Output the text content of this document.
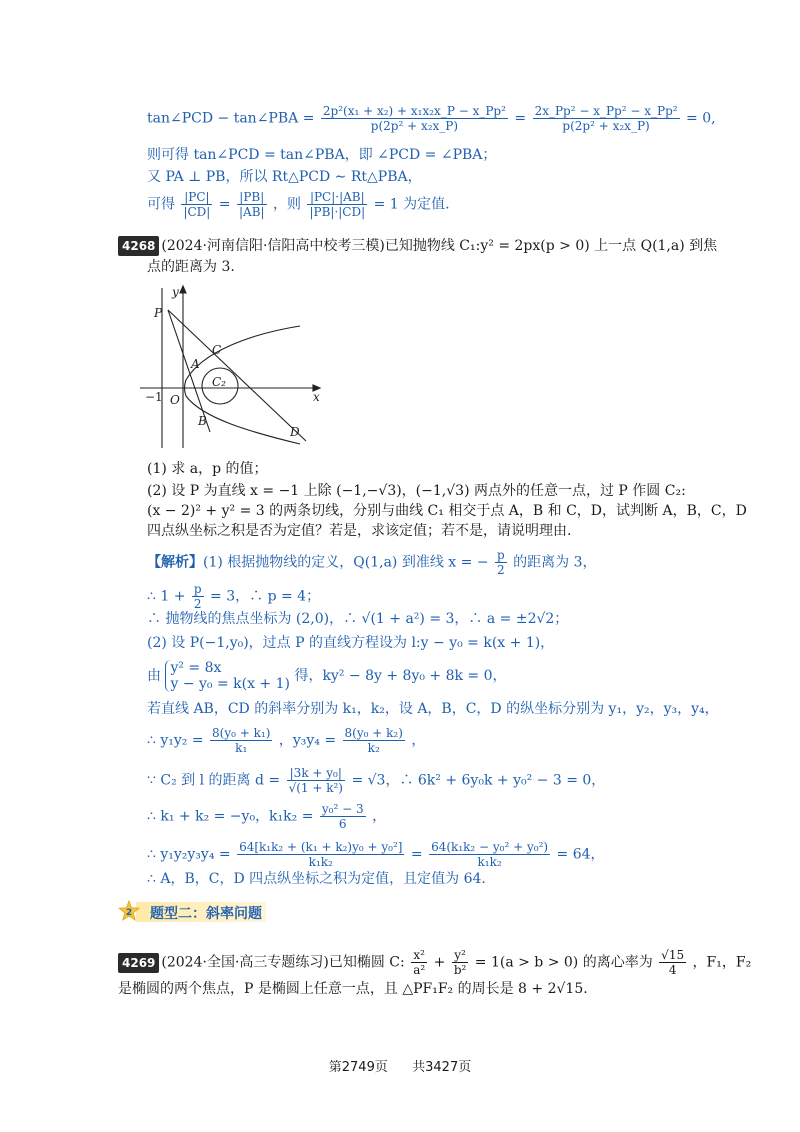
tan∠PCD − tan∠PBA = $\frac{\text{2p²(x₁ + x₂) + x₁x₂x\_P − x\_Pp²}}{\text{p(2p² + x₂x\_P)}} = \frac{\text{2x\_Pp² − x\_Pp² − x\_Pp²}}{\text{p(2p² + x₂x\_P)}} = 0$,
则可得 tan∠PCD = tan∠PBA，即 ∠PCD = ∠PBA；
又 PA ⊥ PB，所以 Rt△PCD ∼ Rt△PBA，
可得 $\frac{|PC|}{|CD|} = \frac{|PB|}{|AB|}$ ，则 $\frac{|PC|\cdot|AB|}{|PB|\cdot|CD|} = 1$ 为定值.
4268 (2024·河南信阳·信阳高中校考三模)已知抛物线 C₁:y² = 2px(p > 0) 上一点 Q(1,a) 到焦
点的距离为 3.
y
x
P
C
A
C₂
−1 O
B
D
(1) 求 a，p 的值；
(2) 设 P 为直线 x = −1 上除 (−1,−√3)，(−1,√3) 两点外的任意一点，过 P 作圆 C₂:
(x − 2)² + y² = 3 的两条切线，分别与曲线 C₁ 相交于点 A，B 和 C，D，试判断 A，B，C，D
四点纵坐标之积是否为定值？若是，求该定值；若不是，请说明理由.
【解析】(1) 根据抛物线的定义，Q(1,a) 到准线 x = − $\frac{p}{2}$ 的距离为 3，
∴ $1 + \frac{p}{2} = 3$，∴ p = 4；
∴ 抛物线的焦点坐标为 (2,0)，∴ √(1 + a²) = 3，∴ a = ±2√2；
(2) 设 P(−1,y₀)，过点 P 的直线方程设为 l:y − y₀ = k(x + 1)，
由 y² = 8x
y − y₀ = k(x + 1) 得，ky² − 8y + 8y₀ + 8k = 0，
若直线 AB，CD 的斜率分别为 k₁，k₂，设 A，B，C，D 的纵坐标分别为 y₁，y₂，y₃，y₄，
∴ $y_1y_2 = \frac{\text{8(y₀ + k₁)}}{\text{k₁}}$ ，$y_3y_4 = \frac{\text{8(y₀ + k₂)}}{\text{k₂}}$ ，
∵ C₂ 到 l 的距离 $d = \frac{\text{|3k + y₀|}}{\text{√(1 + k²)}} = √3$，∴ 6k² + 6y₀k + y₀² − 3 = 0，
∴ k₁ + k₂ = −y₀，$k_1k_2 = \frac{\text{y₀² − 3}}{6}$ ，
∴ $y_1y_2y_3y_4 = \frac{\text{64[k₁k₂ + (k₁ + k₂)y₀ + y₀²]}}{\text{k₁k₂}} = \frac{\text{64(k₁k₂ − y₀² + y₀²)}}{\text{k₁k₂}} = 64$，
∴ A，B，C，D 四点纵坐标之积为定值，且定值为 64.
2 题型二：斜率问题
4269 (2024·全国·高三专题练习)已知椭圆 C: $\frac{\text{x²}}{\text{a²}} + \frac{\text{y²}}{\text{b²}} = 1(a > b > 0)$ 的离心率为 $\frac{√15}{4}$ ，F₁，F₂
是椭圆的两个焦点，P 是椭圆上任意一点，且 △PF₁F₂ 的周长是 8 + 2√15.
第2749页 共3427页
